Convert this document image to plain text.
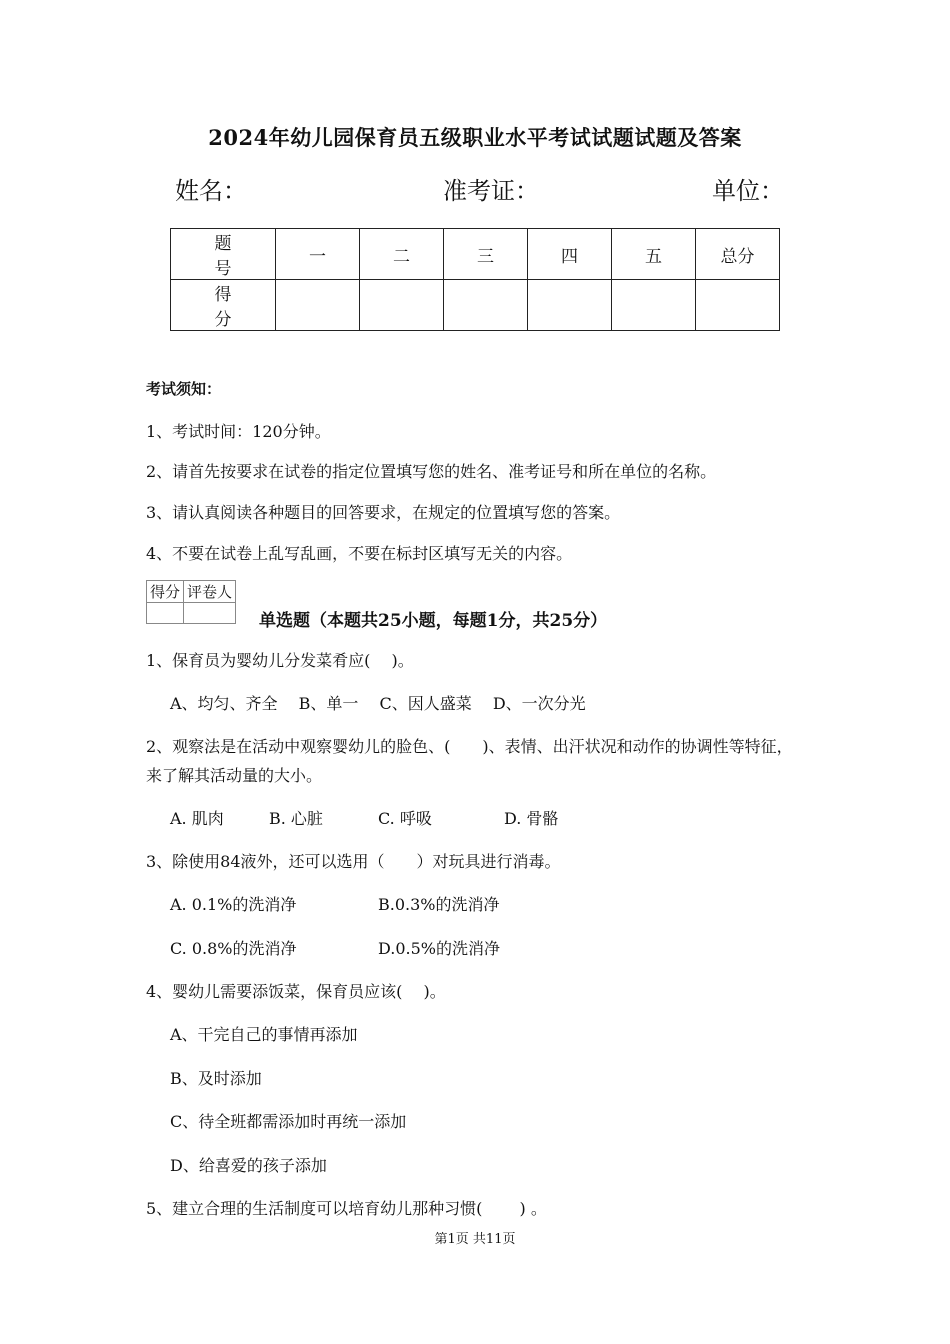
2024年幼儿园保育员五级职业水平考试试题试题及答案
姓名：	准考证：	单位：
题　号	一	二	三	四	五	总分
得　分						
考试须知：
1、考试时间：120分钟。
2、请首先按要求在试卷的指定位置填写您的姓名、准考证号和所在单位的名称。
3、请认真阅读各种题目的回答要求，在规定的位置填写您的答案。
4、不要在试卷上乱写乱画，不要在标封区填写无关的内容。
得分	评卷人

单选题（本题共25小题，每题1分，共25分）
1、保育员为婴幼儿分发菜肴应(　 )。
A、均匀、齐全　 B、单一　 C、因人盛菜　 D、一次分光
2、观察法是在活动中观察婴幼儿的脸色、(　　)、表情、出汗状况和动作的协调性等特征，
来了解其活动量的大小。
A. 肌肉	B. 心脏	C. 呼吸	D. 骨骼
3、除使用84液外，还可以选用（　　）对玩具进行消毒。
A. 0.1%的洗消净	B.0.3%的洗消净
C. 0.8%的洗消净	D.0.5%的洗消净
4、婴幼儿需要添饭菜，保育员应该(　 )。
A、干完自己的事情再添加
B、及时添加
C、待全班都需添加时再统一添加
D、给喜爱的孩子添加
5、建立合理的生活制度可以培育幼儿那种习惯(　　 ) 。
第1页 共11页
